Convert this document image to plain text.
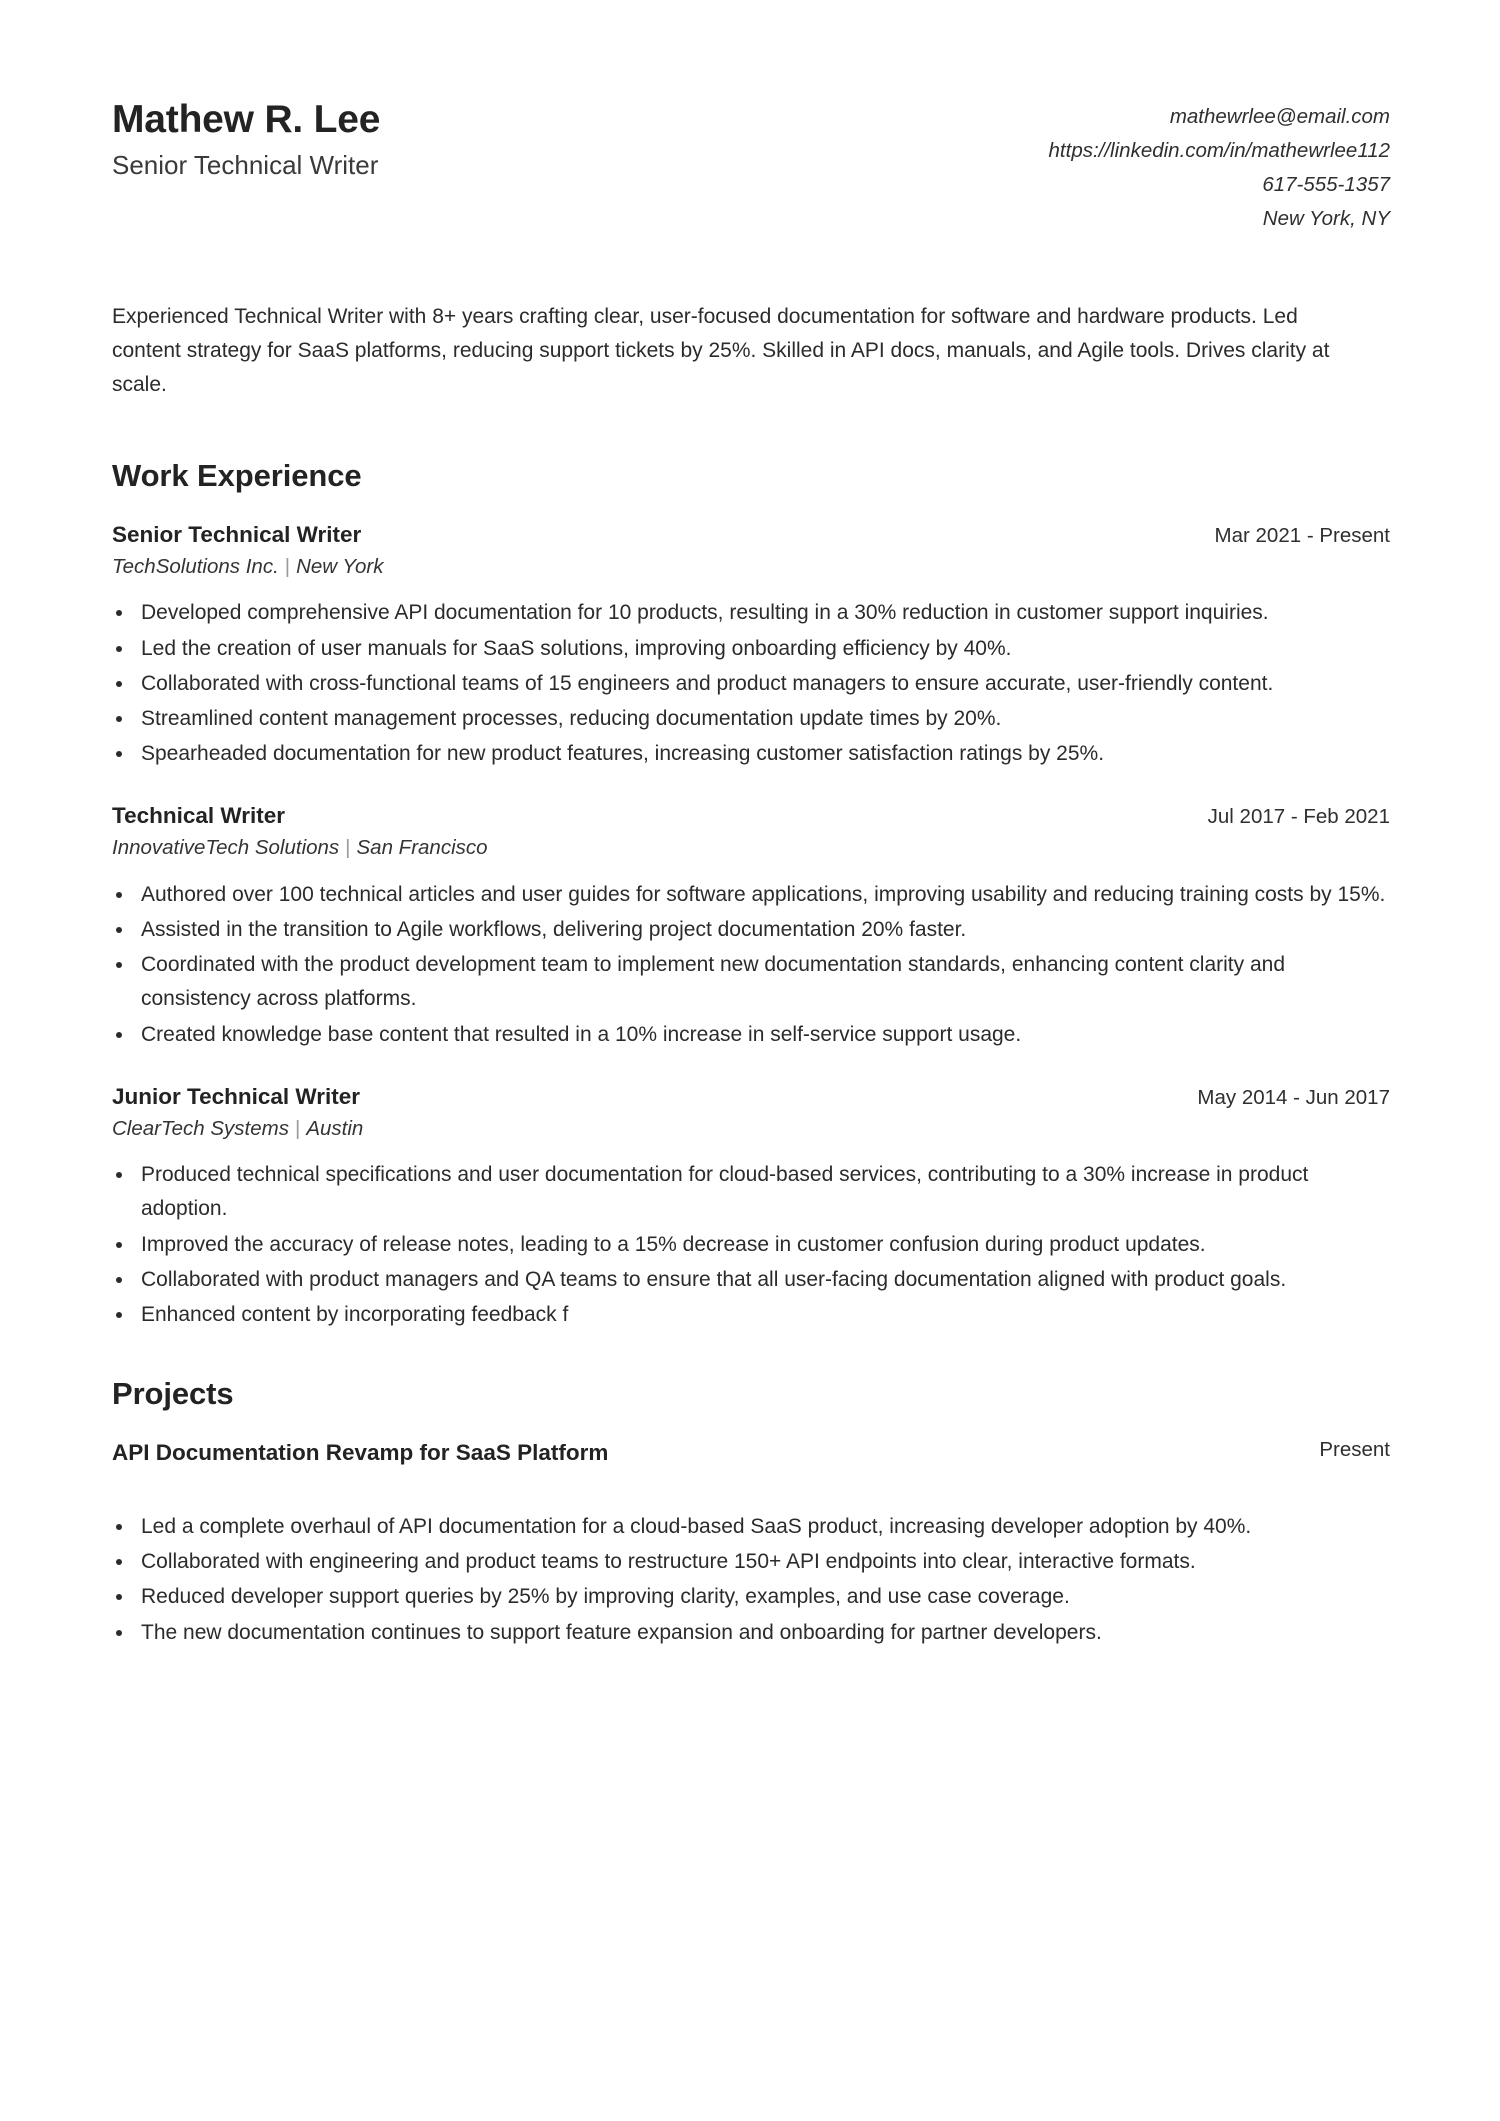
Mathew R. Lee
Senior Technical Writer
mathewrlee@email.com
https://linkedin.com/in/mathewrlee112
617-555-1357
New York, NY

Experienced Technical Writer with 8+ years crafting clear, user-focused documentation for software and hardware products. Led content strategy for SaaS platforms, reducing support tickets by 25%. Skilled in API docs, manuals, and Agile tools. Drives clarity at scale.

Work Experience
Senior Technical Writer	Mar 2021 - Present
TechSolutions Inc. | New York
Developed comprehensive API documentation for 10 products, resulting in a 30% reduction in customer support inquiries.
Led the creation of user manuals for SaaS solutions, improving onboarding efficiency by 40%.
Collaborated with cross-functional teams of 15 engineers and product managers to ensure accurate, user-friendly content.
Streamlined content management processes, reducing documentation update times by 20%.
Spearheaded documentation for new product features, increasing customer satisfaction ratings by 25%.
Technical Writer	Jul 2017 - Feb 2021
InnovativeTech Solutions | San Francisco
Authored over 100 technical articles and user guides for software applications, improving usability and reducing training costs by 15%.
Assisted in the transition to Agile workflows, delivering project documentation 20% faster.
Coordinated with the product development team to implement new documentation standards, enhancing content clarity and consistency across platforms.
Created knowledge base content that resulted in a 10% increase in self-service support usage.
Junior Technical Writer	May 2014 - Jun 2017
ClearTech Systems | Austin
Produced technical specifications and user documentation for cloud-based services, contributing to a 30% increase in product adoption.
Improved the accuracy of release notes, leading to a 15% decrease in customer confusion during product updates.
Collaborated with product managers and QA teams to ensure that all user-facing documentation aligned with product goals.
Enhanced content by incorporating feedback f
Projects
API Documentation Revamp for SaaS Platform	Present
Led a complete overhaul of API documentation for a cloud-based SaaS product, increasing developer adoption by 40%.
Collaborated with engineering and product teams to restructure 150+ API endpoints into clear, interactive formats.
Reduced developer support queries by 25% by improving clarity, examples, and use case coverage.
The new documentation continues to support feature expansion and onboarding for partner developers.
